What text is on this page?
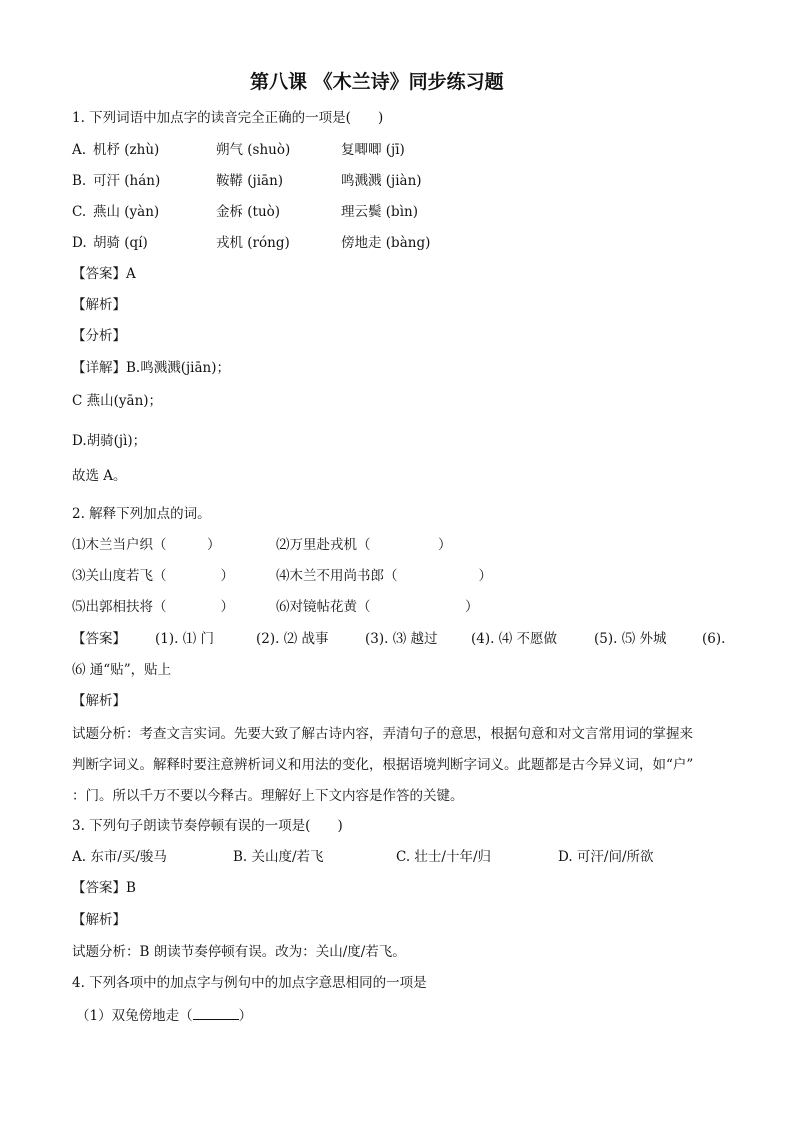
第八课 《木兰诗》同步练习题
1. 下列词语中加点字的读音完全正确的一项是(　　)
A. 机杼 (zhù)	朔气 (shuò)	复唧唧 (jī)
B. 可汗 (hán)	鞍鞯 (jiān)	鸣溅溅 (jiàn)
C. 燕山 (yàn)	金柝 (tuò)	理云鬓 (bìn)
D. 胡骑 (qí)	戎机 (róng)	傍地走 (bàng)
【答案】A
【解析】
【分析】
【详解】B.鸣溅溅(jiān)；
C 燕山(yān)；
D.胡骑(jì)；
故选 A。
2. 解释下列加点的词。
⑴木兰当户织（　　　）	⑵万里赴戎机（　　　　　）
⑶关山度若飞（　　　　）	⑷木兰不用尚书郎（　　　　　　）
⑸出郭相扶将（　　　　）	⑹对镜帖花黄（　　　　　　　）
【答案】 (1). ⑴ 门	(2). ⑵ 战事	(3). ⑶ 越过 (4). ⑷ 不愿做	(5). ⑸ 外城	(6).
⑹ 通“贴”，贴上
【解析】
试题分析：考查文言实词。先要大致了解古诗内容，弄清句子的意思，根据句意和对文言常用词的掌握来
判断字词义。解释时要注意辨析词义和用法的变化，根据语境判断字词义。此题都是古今异义词，如“户”
：门。所以千万不要以今释古。理解好上下文内容是作答的关键。
3. 下列句子朗读节奏停顿有误的一项是(　　)
A. 东市/买/骏马	B. 关山度/若飞	C. 壮士/十年/归	D. 可汗/问/所欲
【答案】B
【解析】
试题分析：B 朗读节奏停顿有误。改为：关山/度/若飞。
4. 下列各项中的加点字与例句中的加点字意思相同的一项是
（1）双兔傍地走（	）
